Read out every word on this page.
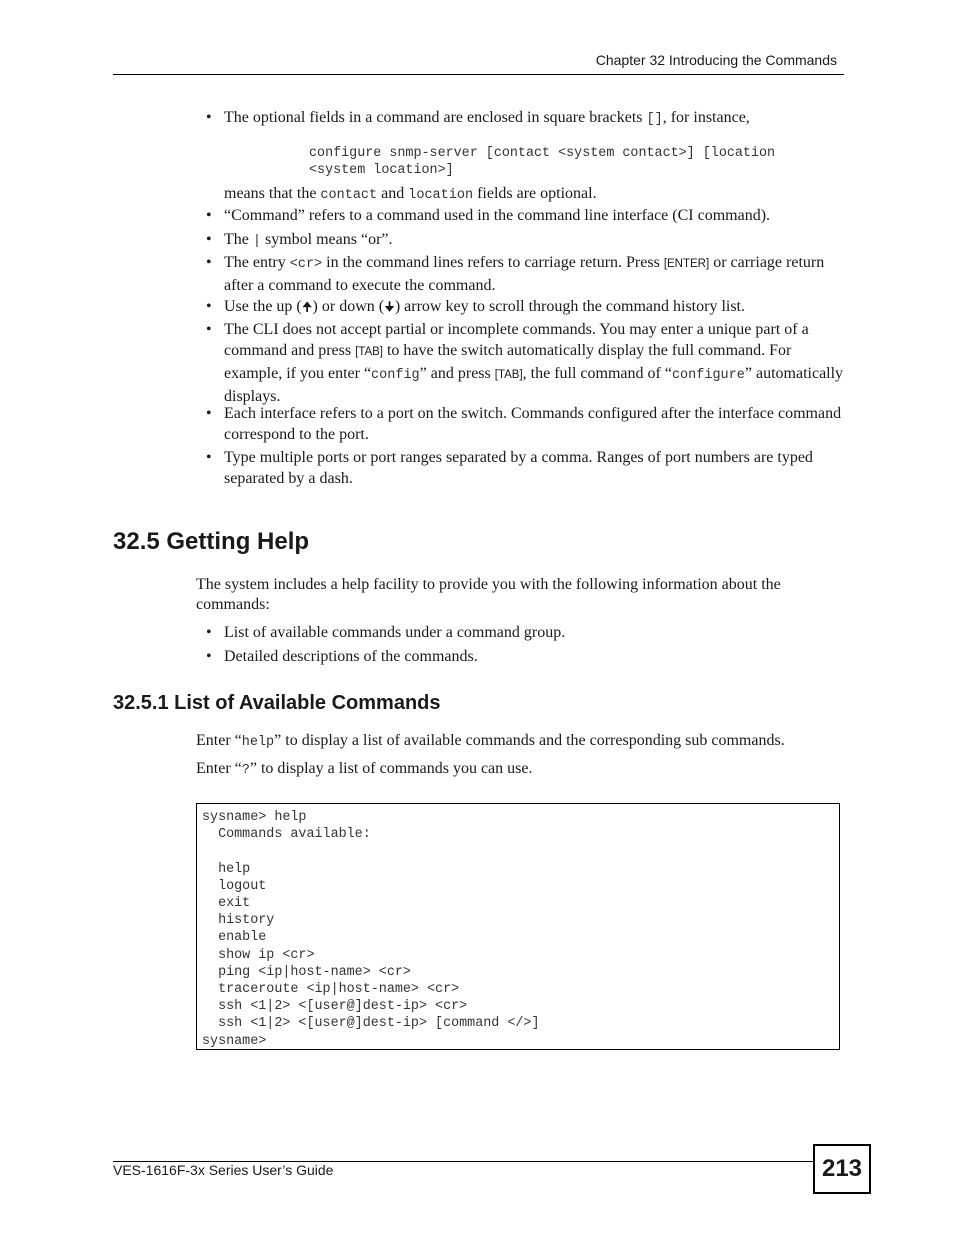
Chapter 32 Introducing the Commands
• The optional fields in a command are enclosed in square brackets [], for instance,
configure snmp-server [contact <system contact>] [location
<system location>]
means that the contact and location fields are optional.
• “Command” refers to a command used in the command line interface (CI command).
• The | symbol means “or”.
• The entry <cr> in the command lines refers to carriage return. Press [ENTER] or carriage return after a command to execute the command.
• Use the up (🠉) or down (🠋) arrow key to scroll through the command history list.
• The CLI does not accept partial or incomplete commands. You may enter a unique part of a command and press [TAB] to have the switch automatically display the full command. For example, if you enter “config” and press [TAB], the full command of “configure” automatically displays.
• Each interface refers to a port on the switch. Commands configured after the interface command correspond to the port.
• Type multiple ports or port ranges separated by a comma. Ranges of port numbers are typed separated by a dash.
32.5 Getting Help
The system includes a help facility to provide you with the following information about the commands:
• List of available commands under a command group.
• Detailed descriptions of the commands.
32.5.1 List of Available Commands
Enter “help” to display a list of available commands and the corresponding sub commands.
Enter “?” to display a list of commands you can use.
sysname> help
Commands available:

help
logout
exit
history
enable
show ip <cr>
ping <ip|host-name> <cr>
traceroute <ip|host-name> <cr>
ssh <1|2> <[user@]dest-ip> <cr>
ssh <1|2> <[user@]dest-ip> [command </>]
sysname>
VES-1616F-3x Series User’s Guide	213
